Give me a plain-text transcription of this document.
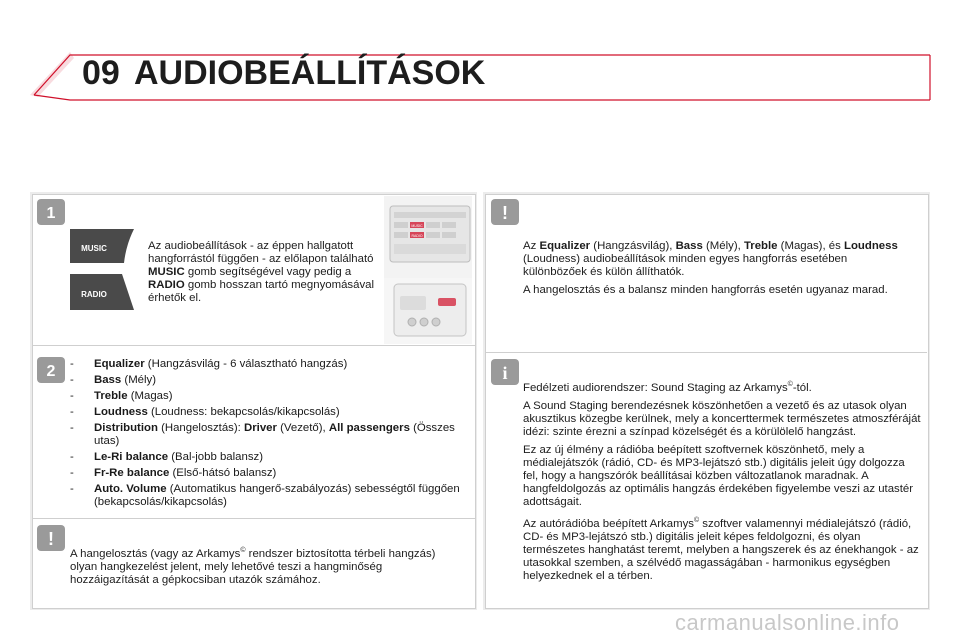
09 AUDIOBEÁLLÍTÁSOK
1
MUSIC
RADIO
Az audiobeállítások - az éppen hallgatott hangforrástól függően - az előlapon található MUSIC gomb segítségével vagy pedig a RADIO gomb hosszan tartó megnyomásával érhetők el.
MUSIC
RADIO
2 - Equalizer (Hangzásvilág - 6 választható hangzás)
- Bass (Mély)
- Treble (Magas)
- Loudness (Loudness: bekapcsolás/kikapcsolás)
- Distribution (Hangelosztás): Driver (Vezető), All passengers (Összes utas)
- Le-Ri balance (Bal-jobb balansz)
- Fr-Re balance (Első-hátsó balansz)
- Auto. Volume (Automatikus hangerő-szabályozás) sebességtől függően (bekapcsolás/kikapcsolás)
!
A hangelosztás (vagy az Arkamys© rendszer biztosította térbeli hangzás) olyan hangkezelést jelent, mely lehetővé teszi a hangminőség hozzáigazítását a gépkocsiban utazók számához.
!

Az Equalizer (Hangzásvilág), Bass (Mély), Treble (Magas), és Loudness (Loudness) audiobeállítások minden egyes hangforrás esetében különbözőek és külön állíthatók.

A hangelosztás és a balansz minden hangforrás esetén ugyanaz marad.

i

Fedélzeti audiorendszer: Sound Staging az Arkamys©-tól.

A Sound Staging berendezésnek köszönhetően a vezető és az utasok olyan akusztikus közegbe kerülnek, mely a koncerttermek természetes atmoszféráját idézi: szinte érezni a színpad közelségét és a körülölelő hangzást.

Ez az új élmény a rádióba beépített szoftvernek köszönhető, mely a médialejátszók (rádió, CD- és MP3-lejátszó stb.) digitális jeleit úgy dolgozza fel, hogy a hangszórók beállításai közben változatlanok maradnak. A hangfeldolgozás az optimális hangzás érdekében figyelembe veszi az utastér adottságait.

Az autórádióba beépített Arkamys© szoftver valamennyi médialejátszó (rádió, CD- és MP3-lejátszó stb.) digitális jeleit képes feldolgozni, és olyan természetes hanghatást teremt, melyben a hangszerek és az énekhangok - az utasokkal szemben, a szélvédő magasságában - harmonikus egységben helyezkednek el a térben.

carmanualsonline.info
